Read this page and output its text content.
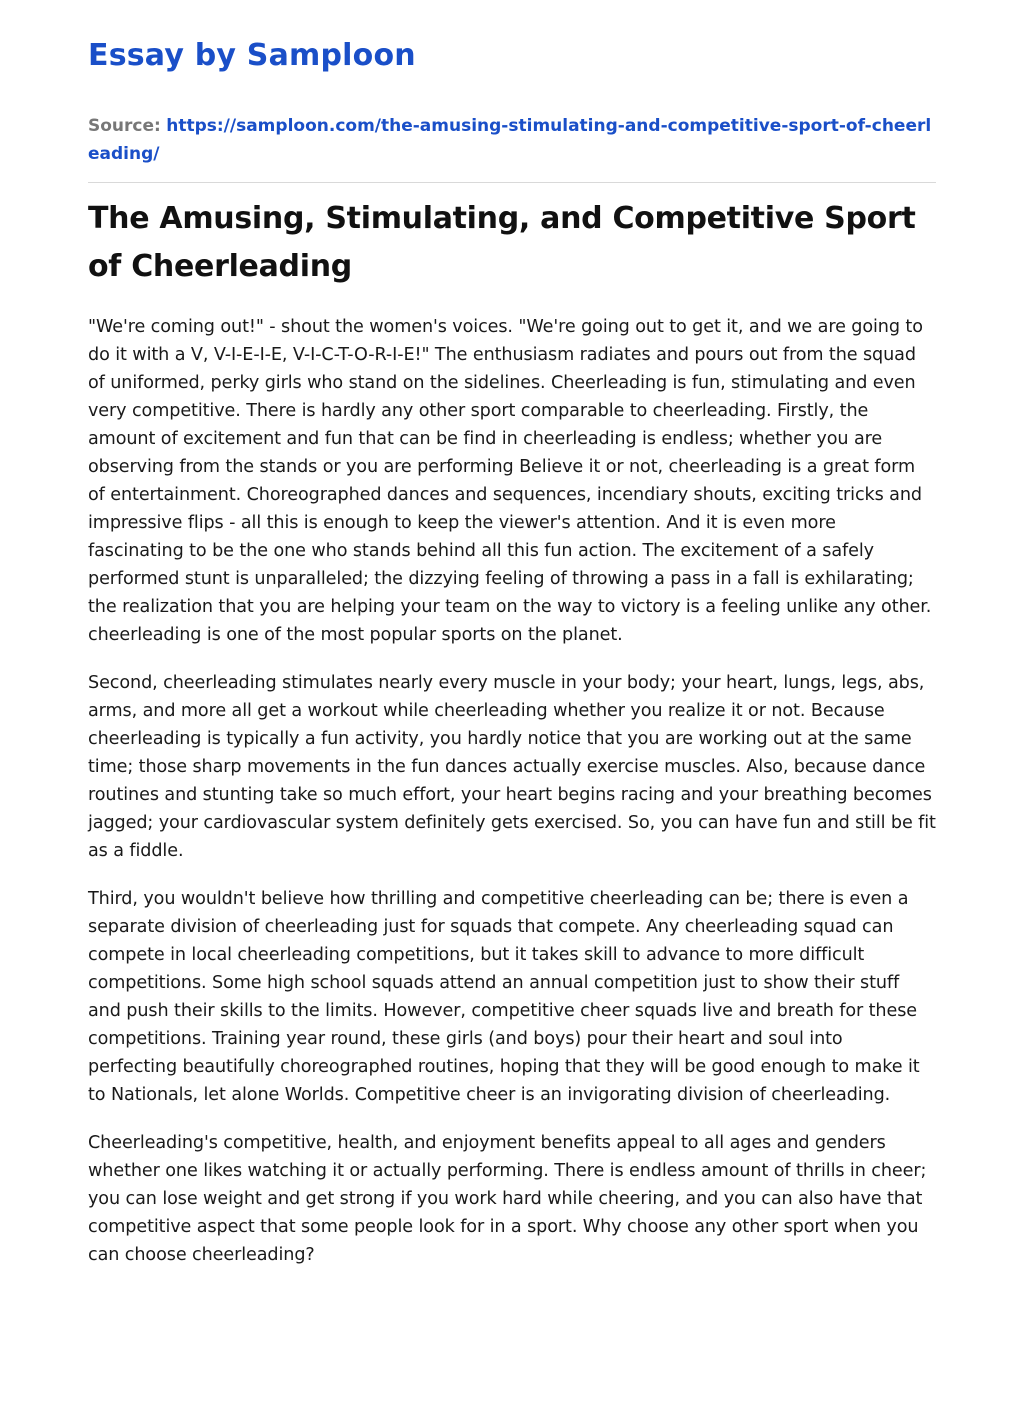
Essay by Samploon

Source: https://samploon.com/the-amusing-stimulating-and-competitive-sport-of-cheerleading/

The Amusing, Stimulating, and Competitive Sport of Cheerleading

"We're coming out!" - shout the women's voices. "We're going out to get it, and we are going to do it with a V, V-I-E-I-E, V-I-C-T-O-R-I-E!" The enthusiasm radiates and pours out from the squad of uniformed, perky girls who stand on the sidelines. Cheerleading is fun, stimulating and even very competitive. There is hardly any other sport comparable to cheerleading. Firstly, the amount of excitement and fun that can be find in cheerleading is endless; whether you are observing from the stands or you are performing Believe it or not, cheerleading is a great form of entertainment. Choreographed dances and sequences, incendiary shouts, exciting tricks and impressive flips - all this is enough to keep the viewer's attention. And it is even more fascinating to be the one who stands behind all this fun action. The excitement of a safely performed stunt is unparalleled; the dizzying feeling of throwing a pass in a fall is exhilarating; the realization that you are helping your team on the way to victory is a feeling unlike any other. cheerleading is one of the most popular sports on the planet.

Second, cheerleading stimulates nearly every muscle in your body; your heart, lungs, legs, abs, arms, and more all get a workout while cheerleading whether you realize it or not. Because cheerleading is typically a fun activity, you hardly notice that you are working out at the same time; those sharp movements in the fun dances actually exercise muscles. Also, because dance routines and stunting take so much effort, your heart begins racing and your breathing becomes jagged; your cardiovascular system definitely gets exercised. So, you can have fun and still be fit as a fiddle.

Third, you wouldn't believe how thrilling and competitive cheerleading can be; there is even a separate division of cheerleading just for squads that compete. Any cheerleading squad can compete in local cheerleading competitions, but it takes skill to advance to more difficult competitions. Some high school squads attend an annual competition just to show their stuff and push their skills to the limits. However, competitive cheer squads live and breath for these competitions. Training year round, these girls (and boys) pour their heart and soul into perfecting beautifully choreographed routines, hoping that they will be good enough to make it to Nationals, let alone Worlds. Competitive cheer is an invigorating division of cheerleading.

Cheerleading's competitive, health, and enjoyment benefits appeal to all ages and genders whether one likes watching it or actually performing. There is endless amount of thrills in cheer; you can lose weight and get strong if you work hard while cheering, and you can also have that competitive aspect that some people look for in a sport. Why choose any other sport when you can choose cheerleading?
